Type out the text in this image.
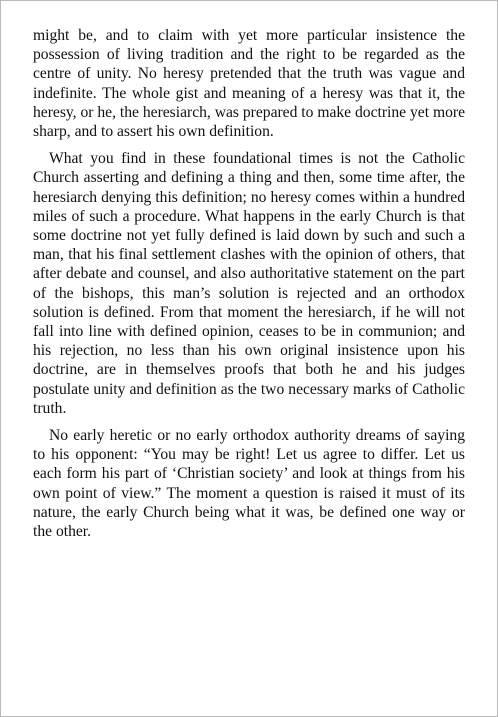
might be, and to claim with yet more particular insistence the possession of living tradition and the right to be regarded as the centre of unity. No heresy pretended that the truth was vague and indefinite. The whole gist and meaning of a heresy was that it, the heresy, or he, the heresiarch, was prepared to make doctrine yet more sharp, and to assert his own definition.

What you find in these foundational times is not the Catholic Church asserting and defining a thing and then, some time after, the heresiarch denying this definition; no heresy comes within a hundred miles of such a procedure. What happens in the early Church is that some doctrine not yet fully defined is laid down by such and such a man, that his final settlement clashes with the opinion of others, that after debate and counsel, and also authoritative statement on the part of the bishops, this man’s solution is rejected and an orthodox solution is defined. From that moment the heresiarch, if he will not fall into line with defined opinion, ceases to be in communion; and his rejection, no less than his own original insistence upon his doctrine, are in themselves proofs that both he and his judges postulate unity and definition as the two necessary marks of Catholic truth.

No early heretic or no early orthodox authority dreams of saying to his opponent: “You may be right! Let us agree to differ. Let us each form his part of ‘Christian society’ and look at things from his own point of view.” The moment a question is raised it must of its nature, the early Church being what it was, be defined one way or the other.
